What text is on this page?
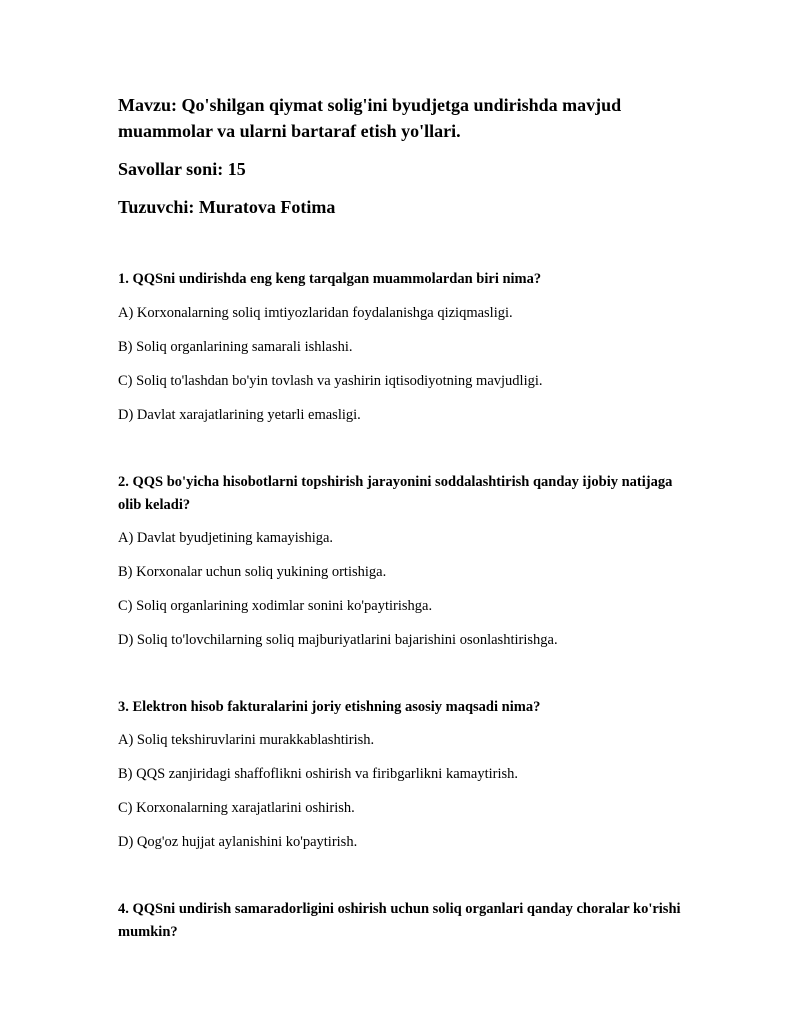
Mavzu: Qo'shilgan qiymat solig'ini byudjetga undirishda mavjud muammolar va ularni bartaraf etish yo'llari.

Savollar soni: 15

Tuzuvchi: Muratova Fotima

1. QQSni undirishda eng keng tarqalgan muammolardan biri nima?

A) Korxonalarning soliq imtiyozlaridan foydalanishga qiziqmasligi.

B) Soliq organlarining samarali ishlashi.

C) Soliq to'lashdan bo'yin tovlash va yashirin iqtisodiyotning mavjudligi.

D) Davlat xarajatlarining yetarli emasligi.

2. QQS bo'yicha hisobotlarni topshirish jarayonini soddalashtirish qanday ijobiy natijaga olib keladi?

A) Davlat byudjetining kamayishiga.

B) Korxonalar uchun soliq yukining ortishiga.

C) Soliq organlarining xodimlar sonini ko'paytirishga.

D) Soliq to'lovchilarning soliq majburiyatlarini bajarishini osonlashtirishga.

3. Elektron hisob fakturalarini joriy etishning asosiy maqsadi nima?

A) Soliq tekshiruvlarini murakkablashtirish.

B) QQS zanjiridagi shaffoflikni oshirish va firibgarlikni kamaytirish.

C) Korxonalarning xarajatlarini oshirish.

D) Qog'oz hujjat aylanishini ko'paytirish.

4. QQSni undirish samaradorligini oshirish uchun soliq organlari qanday choralar ko'rishi mumkin?
